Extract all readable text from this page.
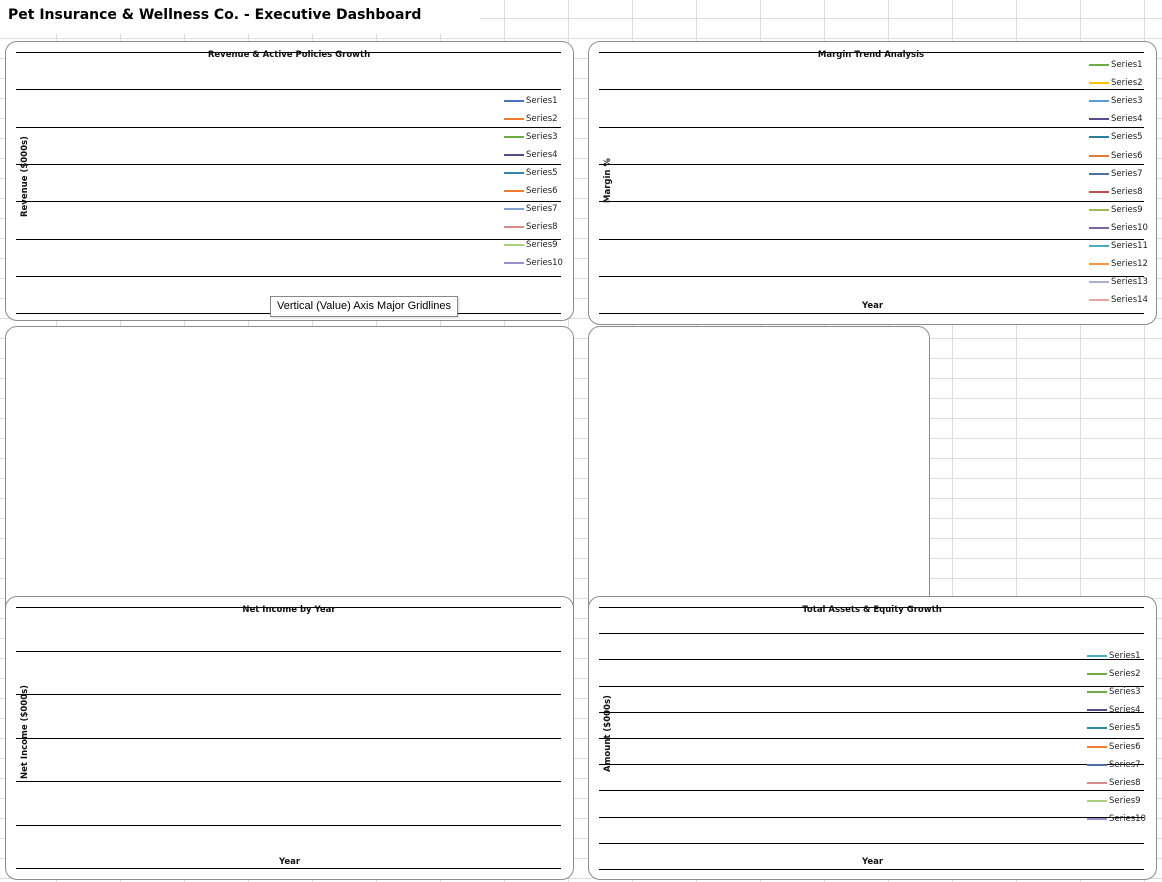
Pet Insurance & Wellness Co. - Executive Dashboard
Revenue & Active Policies Growth
Revenue ($000s)
Series1
Series2
Series3
Series4
Series5
Series6
Series7
Series8
Series9
Series10
Margin Trend Analysis
Margin %
Year
Series1
Series2
Series3
Series4
Series5
Series6
Series7
Series8
Series9
Series10
Series11
Series12
Series13
Series14
Net Income by Year
Net Income ($000s)
Year
Total Assets & Equity Growth
Amount ($000s)
Year
Series1
Series2
Series3
Series4
Series5
Series6
Series7
Series8
Series9
Series10
Vertical (Value) Axis Major Gridlines
